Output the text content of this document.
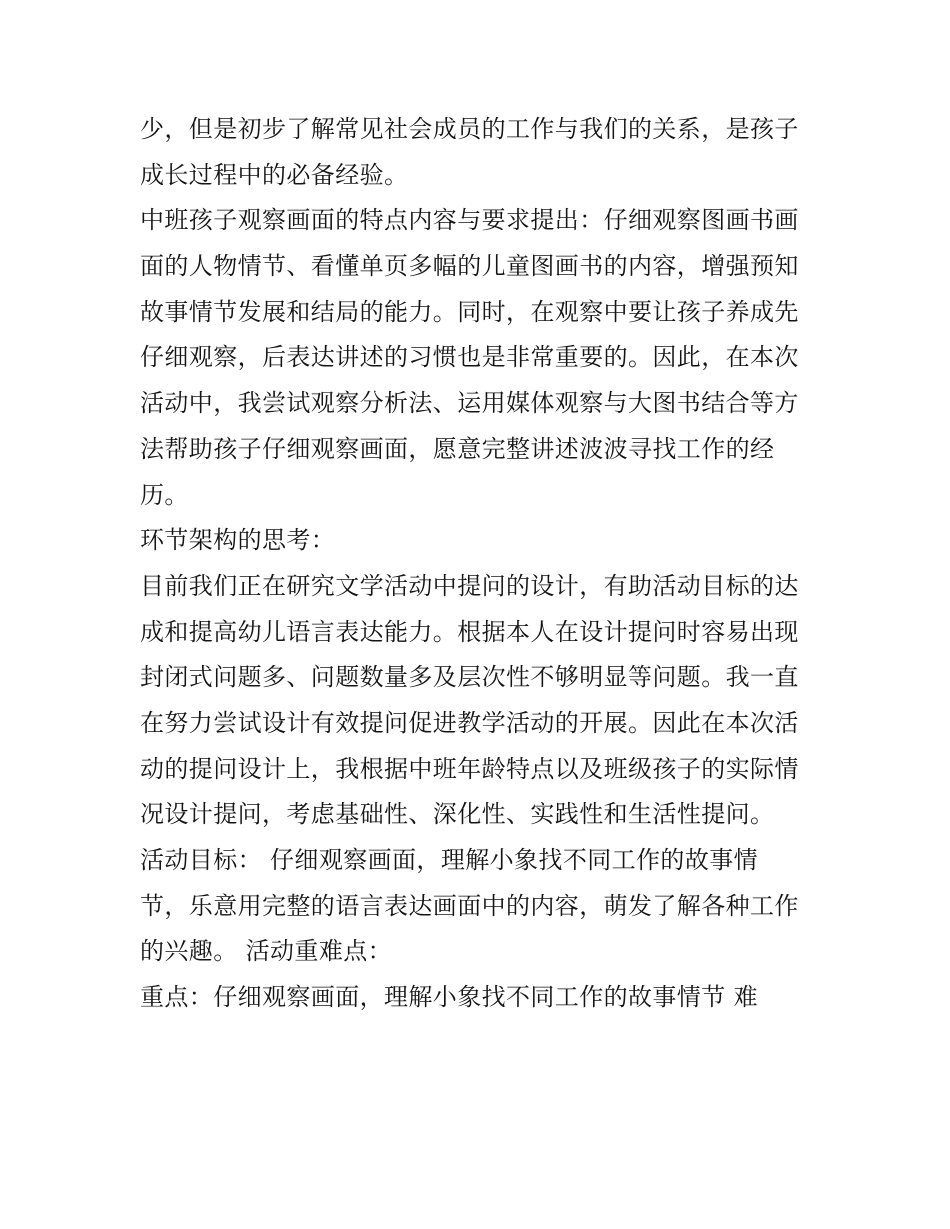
少，但是初步了解常见社会成员的工作与我们的关系，是孩子
成长过程中的必备经验。
中班孩子观察画面的特点内容与要求提出：仔细观察图画书画
面的人物情节、看懂单页多幅的儿童图画书的内容，增强预知
故事情节发展和结局的能力。同时，在观察中要让孩子养成先
仔细观察，后表达讲述的习惯也是非常重要的。因此，在本次
活动中，我尝试观察分析法、运用媒体观察与大图书结合等方
法帮助孩子仔细观察画面，愿意完整讲述波波寻找工作的经
历。
环节架构的思考：
目前我们正在研究文学活动中提问的设计，有助活动目标的达
成和提高幼儿语言表达能力。根据本人在设计提问时容易出现
封闭式问题多、问题数量多及层次性不够明显等问题。我一直
在努力尝试设计有效提问促进教学活动的开展。因此在本次活
动的提问设计上，我根据中班年龄特点以及班级孩子的实际情
况设计提问，考虑基础性、深化性、实践性和生活性提问。
活动目标： 仔细观察画面，理解小象找不同工作的故事情
节，乐意用完整的语言表达画面中的内容，萌发了解各种工作
的兴趣。 活动重难点：
重点：仔细观察画面，理解小象找不同工作的故事情节 难
